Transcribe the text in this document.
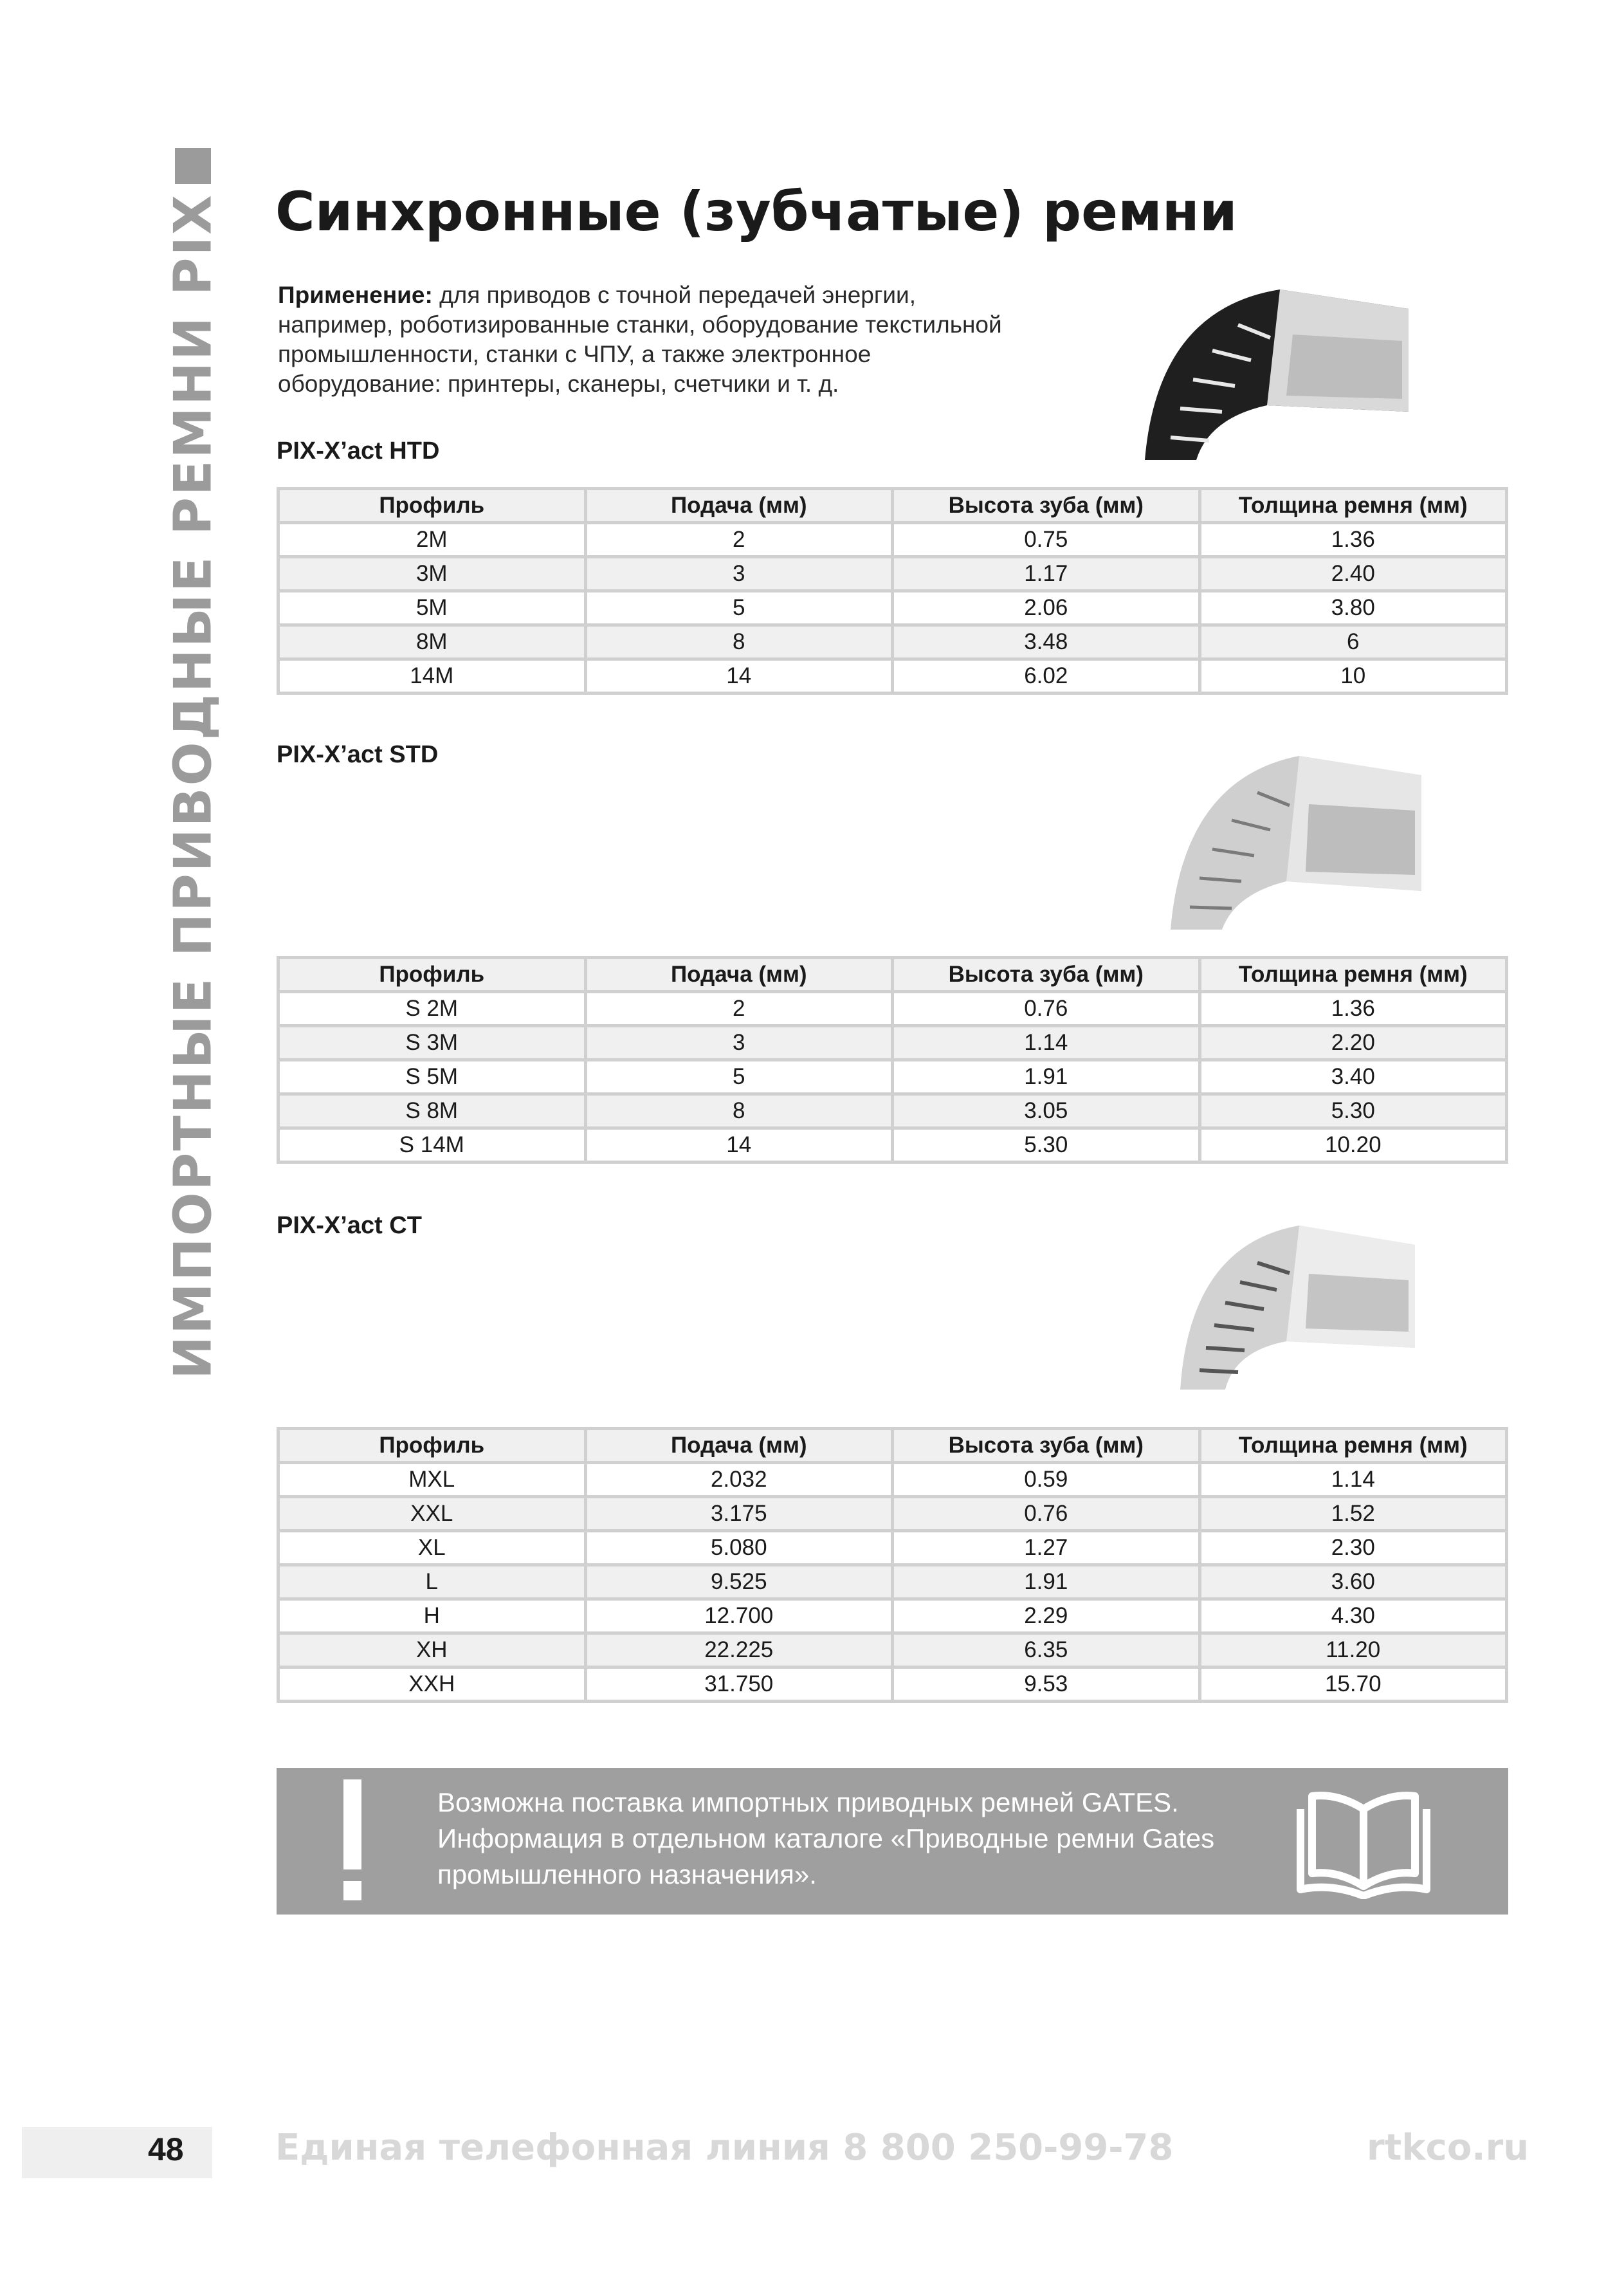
ИМПОРТНЫЕ ПРИВОДНЫЕ РЕМНИ PIX Синхронные (зубчатые) ремни
Применение: для приводов с точной передачей энергии, например, роботизированные станки, оборудование текстильной промышленности, станки с ЧПУ, а также электронное оборудование: принтеры, сканеры, счетчики и т. д.
PIX-X’act HTD
Профиль	Подача (мм)	Высота зуба (мм)	Толщина ремня (мм)
2M	2	0.75	1.36
3M	3	1.17	2.40
5M	5	2.06	3.80
8M	8	3.48	6
14M	14	6.02	10
PIX-X’act STD
Профиль	Подача (мм)	Высота зуба (мм)	Толщина ремня (мм)
S 2M	2	0.76	1.36
S 3M	3	1.14	2.20
S 5M	5	1.91	3.40
S 8M	8	3.05	5.30
S 14M	14	5.30	10.20
PIX-X’act CT
Профиль	Подача (мм)	Высота зуба (мм)	Толщина ремня (мм)
MXL	2.032	0.59	1.14
XXL	3.175	0.76	1.52
XL	5.080	1.27	2.30
L	9.525	1.91	3.60
H	12.700	2.29	4.30
XH	22.225	6.35	11.20
XXH	31.750	9.53	15.70
Возможна поставка импортных приводных ремней GATES.
Информация в отдельном каталоге «Приводные ремни Gates
промышленного назначения».
48	Единая телефонная линия 8 800 250-99-78	rtkco.ru
